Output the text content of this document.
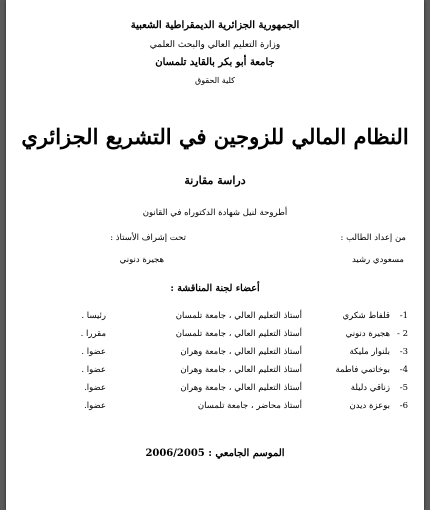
الجمهورية الجزائرية الديمقراطية الشعبية
وزارة التعليم العالي والبحث العلمي
جامعة أبو بكر بالقايد تلمسان
كلية الحقوق
النظام المالي للزوجين في التشريع الجزائري
دراسة مقارنة
أطروحة لنيل شهادة الدكتوراه في القانون
من إعداد الطالب :
تحت إشراف الأستاذ :
مسعودي رشيد
هجيرة دنوني
أعضاء لجنة المناقشة :
1-
قلفاط شكري
أستاذ التعليم العالي ، جامعة تلمسان
رئيسا .
2 -
هجيرة دنوني
أستاذ التعليم العالي ، جامعة تلمسان
مقررا .
3-
بلنوار مليكة
أستاذ التعليم العالي ، جامعة وهران
عضوا .
4-
بوخاتمي فاطمة
أستاذ التعليم العالي ، جامعة وهران
عضوا .
5-
زناقي دليلة
أستاذ التعليم العالي ، جامعة وهران
عضوا.
6-
بوعزة ديدن
أستاذ محاضر ، جامعة تلمسان
عضوا.
الموسم الجامعي : 2006/2005
